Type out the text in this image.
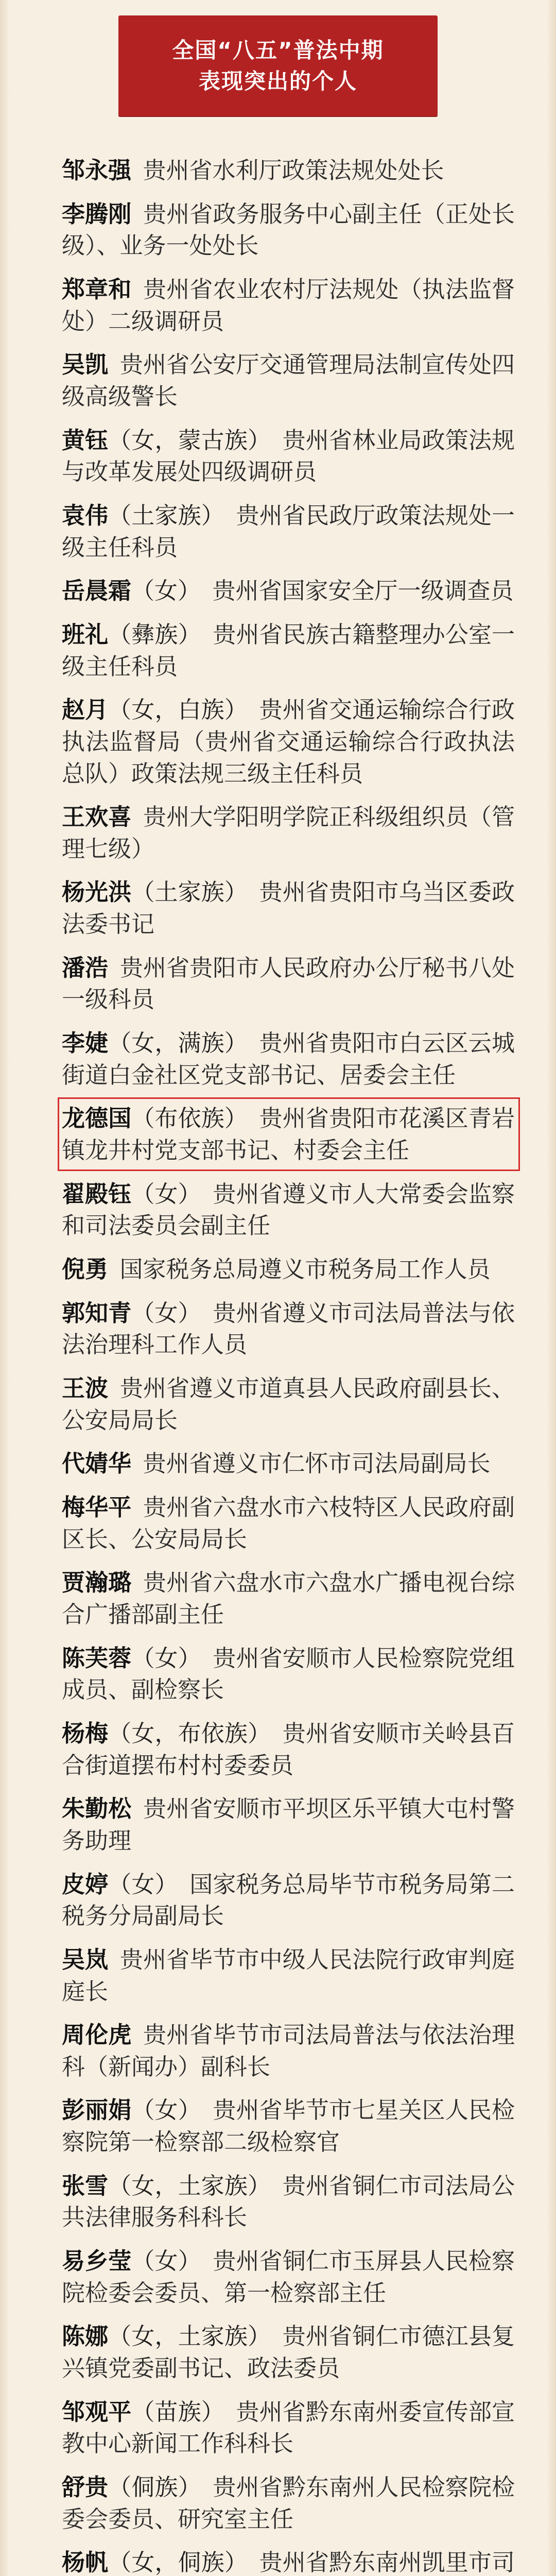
全国“八五”普法中期
表现突出的个人

邹永强  贵州省水利厅政策法规处处长

李腾刚  贵州省政务服务中心副主任（正处长级）、业务一处处长

郑章和  贵州省农业农村厅法规处（执法监督处）二级调研员

吴凯  贵州省公安厅交通管理局法制宣传处四级高级警长

黄钰（女，蒙古族）  贵州省林业局政策法规与改革发展处四级调研员

袁伟（土家族）  贵州省民政厅政策法规处一级主任科员

岳晨霜（女）  贵州省国家安全厅一级调查员

班礼（彝族）  贵州省民族古籍整理办公室一级主任科员

赵月（女，白族）  贵州省交通运输综合行政执法监督局（贵州省交通运输综合行政执法总队）政策法规三级主任科员

王欢喜  贵州大学阳明学院正科级组织员（管理七级）

杨光洪（土家族）  贵州省贵阳市乌当区委政法委书记

潘浩  贵州省贵阳市人民政府办公厅秘书八处一级科员

李婕（女，满族）  贵州省贵阳市白云区云城街道白金社区党支部书记、居委会主任

龙德国（布依族）  贵州省贵阳市花溪区青岩镇龙井村党支部书记、村委会主任

翟殿钰（女）  贵州省遵义市人大常委会监察和司法委员会副主任

倪勇  国家税务总局遵义市税务局工作人员

郭知青（女）  贵州省遵义市司法局普法与依法治理科工作人员

王波  贵州省遵义市道真县人民政府副县长、公安局局长

代婧华  贵州省遵义市仁怀市司法局副局长

梅华平  贵州省六盘水市六枝特区人民政府副区长、公安局局长

贾瀚璐  贵州省六盘水市六盘水广播电视台综合广播部副主任

陈芙蓉（女）  贵州省安顺市人民检察院党组成员、副检察长

杨梅（女，布依族）  贵州省安顺市关岭县百合街道摆布村村委委员

朱勤松  贵州省安顺市平坝区乐平镇大屯村警务助理

皮婷（女）  国家税务总局毕节市税务局第二税务分局副局长

吴岚  贵州省毕节市中级人民法院行政审判庭庭长

周伦虎  贵州省毕节市司法局普法与依法治理科（新闻办）副科长

彭丽娟（女）  贵州省毕节市七星关区人民检察院第一检察部二级检察官

张雪（女，土家族）  贵州省铜仁市司法局公共法律服务科科长

易乡莹（女）  贵州省铜仁市玉屏县人民检察院检委会委员、第一检察部主任

陈娜（女，土家族）  贵州省铜仁市德江县复兴镇党委副书记、政法委员

邹观平（苗族）  贵州省黔东南州委宣传部宣教中心新闻工作科科长

舒贵（侗族）  贵州省黔东南州人民检察院检委会委员、研究室主任

杨帆（女，侗族）  贵州省黔东南州凯里市司
